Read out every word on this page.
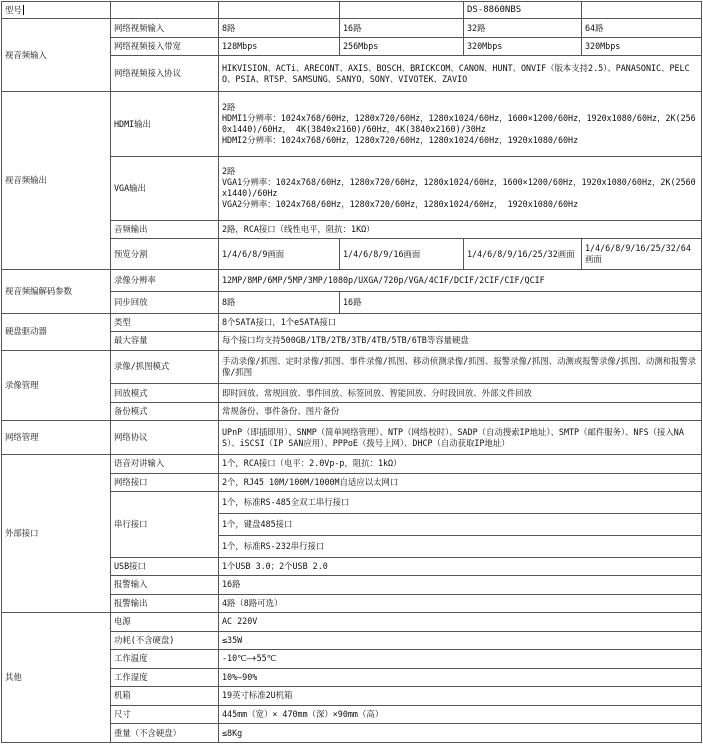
型号				DS-8860NBS	
视音频输入	网络视频输入	8路	16路	32路	64路
	网络视频接入带宽	128Mbps	256Mbps	320Mbps	320Mbps
	网络视频接入协议	HIKVISION、ACTi、ARECONT、AXIS、BOSCH、BRICKCOM、CANON、HUNT、ONVIF（版本支持2.5）、PANASONIC、PELCO、PSIA、RTSP、SAMSUNG、SANYO、SONY、VIVOTEK、ZAVIO			
视音频输出	HDMI输出	2路
HDMI1分辨率：1024x768/60Hz，1280x720/60Hz，1280x1024/60Hz，1600×1200/60Hz，1920x1080/60Hz，2K(2560x1440)/60Hz， 4K(3840x2160)/60Hz，4K(3840x2160)/30Hz
HDMI2分辨率：1024x768/60Hz，1280x720/60Hz，1280x1024/60Hz，1920x1080/60Hz			
	VGA输出	2路
VGA1分辨率：1024x768/60Hz，1280x720/60Hz，1280x1024/60Hz，1600×1200/60Hz，1920x1080/60Hz，2K(2560x1440)/60Hz
VGA2分辨率：1024x768/60Hz，1280x720/60Hz，1280x1024/60Hz， 1920x1080/60Hz			
	音频输出	2路，RCA接口（线性电平，阻抗：1KΩ）			
	预览分割	1/4/6/8/9画面	1/4/6/8/9/16画面	1/4/6/8/9/16/25/32画面	1/4/6/8/9/16/25/32/64画面
视音频编解码参数	录像分辨率	12MP/8MP/6MP/5MP/3MP/1080p/UXGA/720p/VGA/4CIF/DCIF/2CIF/CIF/QCIF			
	同步回放	8路	16路		
硬盘驱动器	类型	8个SATA接口，1个eSATA接口			
	最大容量	每个接口均支持500GB/1TB/2TB/3TB/4TB/5TB/6TB等容量硬盘			
录像管理	录像/抓图模式	手动录像/抓图、定时录像/抓图、事件录像/抓图、移动侦测录像/抓图、报警录像/抓图、动测或报警录像/抓图、动测和报警录像/抓图			
	回放模式	即时回放、常规回放、事件回放、标签回放、智能回放、分时段回放、外部文件回放			
	备份模式	常规备份、事件备份、图片备份			
网络管理	网络协议	UPnP（即插即用）、SNMP（简单网络管理）、NTP（网络校时）、SADP（自动搜索IP地址）、SMTP（邮件服务）、NFS（接入NAS）、iSCSI（IP SAN应用）、PPPoE（拨号上网）、DHCP（自动获取IP地址）			
外部接口	语音对讲输入	1个，RCA接口（电平：2.0Vp-p，阻抗：1kΩ）			
	网络接口	2个，RJ45 10M/100M/1000M自适应以太网口			
	串行接口	1个，标准RS-485全双工串行接口			
		1个，键盘485接口			
		1个，标准RS-232串行接口			
	USB接口	1个USB 3.0；2个USB 2.0			
	报警输入	16路			
	报警输出	4路（8路可选）			
其他	电源	AC 220V			
	功耗(不含硬盘)	≤35W			
	工作温度	-10℃—+55℃			
	工作湿度	10%—90%			
	机箱	19英寸标准2U机箱			
	尺寸	445mm（宽）× 470mm（深）×90mm（高）			
	重量（不含硬盘）	≤8Kg			
